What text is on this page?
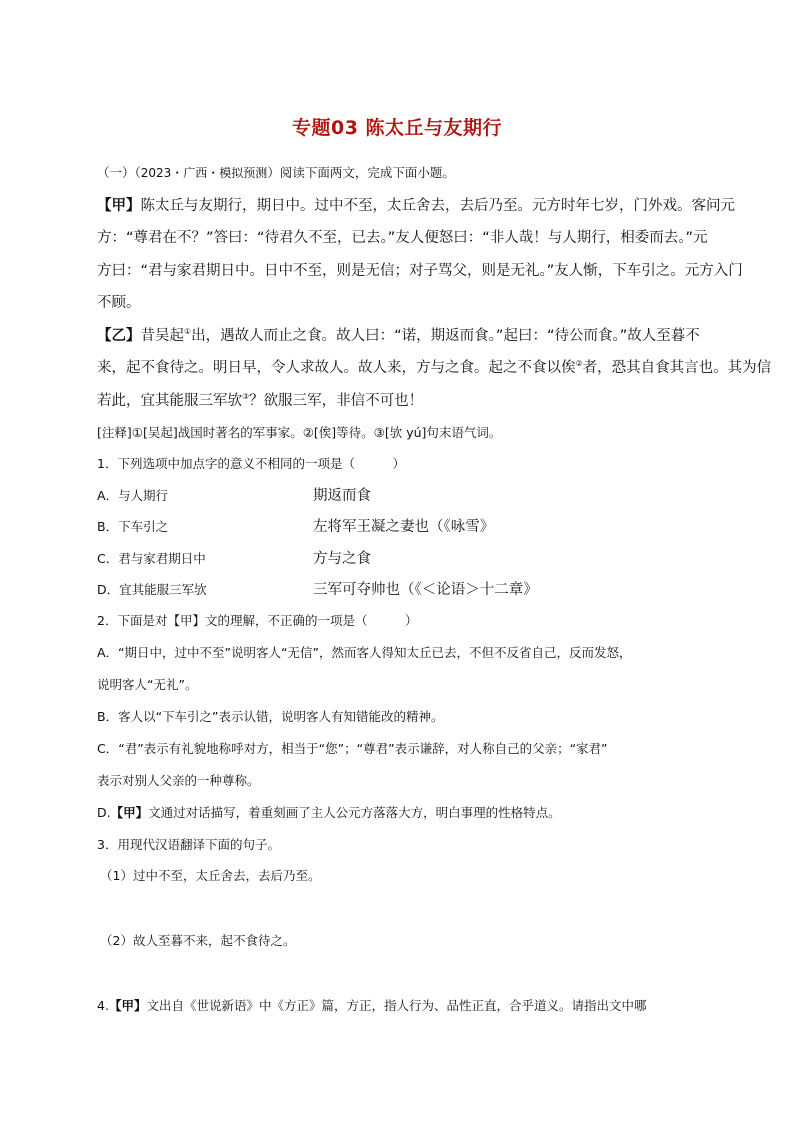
专题03 陈太丘与友期行
（一）（2023・广西・模拟预测）阅读下面两文，完成下面小题。
【甲】陈太丘与友期行，期日中。过中不至，太丘舍去，去后乃至。元方时年七岁，门外戏。客问元
方：“尊君在不？”答曰：“待君久不至，已去。”友人便怒曰：“非人哉！与人期行，相委而去。”元
方曰：“君与家君期日中。日中不至，则是无信；对子骂父，则是无礼。”友人惭，下车引之。元方入门
不顾。
【乙】昔吴起①出，遇故人而止之食。故人曰：“诺，期返而食。”起曰：“待公而食。”故人至暮不
来，起不食待之。明日早，令人求故人。故人来，方与之食。起之不食以俟②者，恐其自食其言也。其为信
若此，宜其能服三军欤③？欲服三军，非信不可也！
[注释]①[吴起]战国时著名的军事家。②[俟]等待。③[欤 yú]句末语气词。
1．下列选项中加点字的意义不相同的一项是（　　　）
A．与人期行	期返而食
B．下车引之	左将军王凝之妻也（《咏雪》
C．君与家君期日中	方与之食
D．宜其能服三军欤	三军可夺帅也（《＜论语＞十二章》
2．下面是对【甲】文的理解，不正确的一项是（　　　）
A．“期日中，过中不至”说明客人“无信”，然而客人得知太丘已去，不但不反省自己，反而发怒，
说明客人“无礼”。
B．客人以“下车引之”表示认错，说明客人有知错能改的精神。
C．“君”表示有礼貌地称呼对方，相当于“您”；“尊君”表示谦辞，对人称自己的父亲；“家君”
表示对别人父亲的一种尊称。
D.【甲】文通过对话描写，着重刻画了主人公元方落落大方，明白事理的性格特点。
3．用现代汉语翻译下面的句子。
（1）过中不至，太丘舍去，去后乃至。
（2）故人至暮不来，起不食待之。
4.【甲】文出自《世说新语》中《方正》篇，方正，指人行为、品性正直，合乎道义。请指出文中哪
